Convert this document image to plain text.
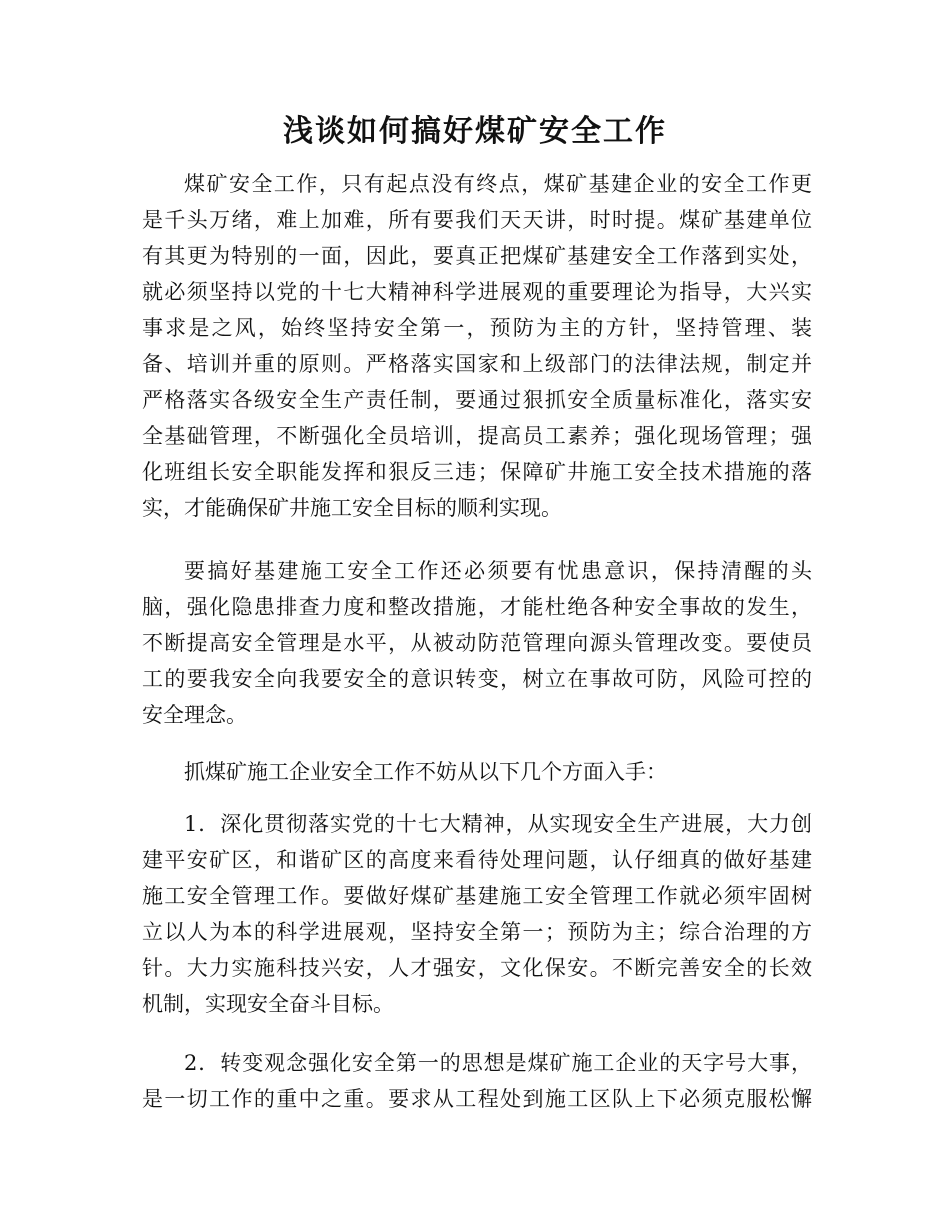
浅谈如何搞好煤矿安全工作
煤矿安全工作，只有起点没有终点，煤矿基建企业的安全工作更
是千头万绪，难上加难，所有要我们天天讲，时时提。煤矿基建单位
有其更为特别的一面，因此，要真正把煤矿基建安全工作落到实处，
就必须坚持以党的十七大精神科学进展观的重要理论为指导，大兴实
事求是之风，始终坚持安全第一，预防为主的方针，坚持管理、装
备、培训并重的原则。严格落实国家和上级部门的法律法规，制定并
严格落实各级安全生产责任制，要通过狠抓安全质量标准化，落实安
全基础管理，不断强化全员培训，提高员工素养；强化现场管理；强
化班组长安全职能发挥和狠反三违；保障矿井施工安全技术措施的落
实，才能确保矿井施工安全目标的顺利实现。
要搞好基建施工安全工作还必须要有忧患意识，保持清醒的头
脑，强化隐患排查力度和整改措施，才能杜绝各种安全事故的发生，
不断提高安全管理是水平，从被动防范管理向源头管理改变。要使员
工的要我安全向我要安全的意识转变，树立在事故可防，风险可控的
安全理念。
抓煤矿施工企业安全工作不妨从以下几个方面入手：
1．深化贯彻落实党的十七大精神，从实现安全生产进展，大力创
建平安矿区，和谐矿区的高度来看待处理问题，认仔细真的做好基建
施工安全管理工作。要做好煤矿基建施工安全管理工作就必须牢固树
立以人为本的科学进展观，坚持安全第一；预防为主；综合治理的方
针。大力实施科技兴安，人才强安，文化保安。不断完善安全的长效
机制，实现安全奋斗目标。
2．转变观念强化安全第一的思想是煤矿施工企业的天字号大事，
是一切工作的重中之重。要求从工程处到施工区队上下必须克服松懈
